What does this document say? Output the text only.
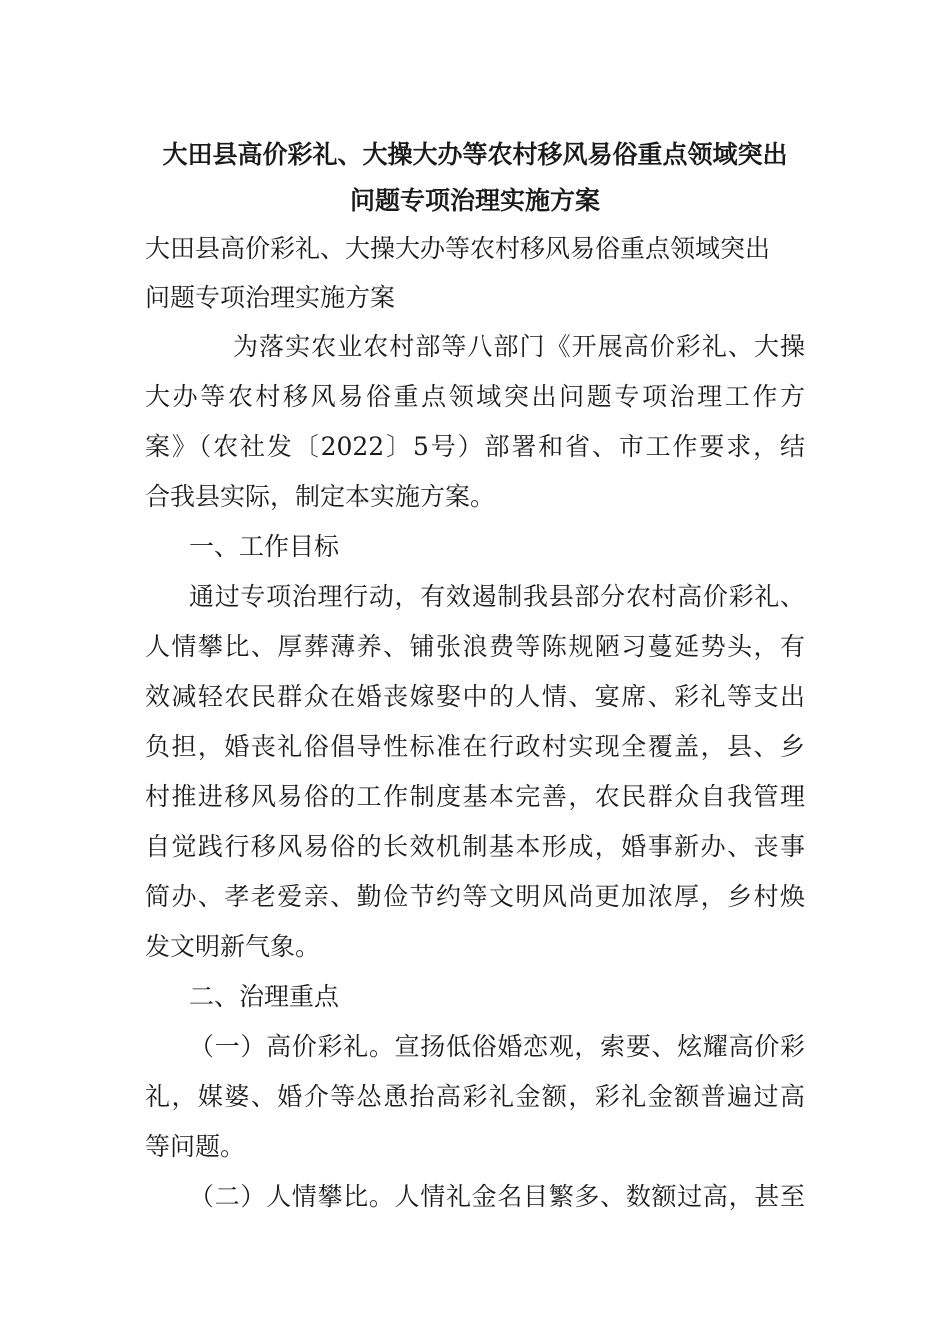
大田县高价彩礼、大操大办等农村移风易俗重点领域突出
问题专项治理实施方案

大田县高价彩礼、大操大办等农村移风易俗重点领域突出
问题专项治理实施方案

为落实农业农村部等八部门《开展高价彩礼、大操
大办等农村移风易俗重点领域突出问题专项治理工作方
案》（农社发〔2022〕5号）部署和省、市工作要求，结
合我县实际，制定本实施方案。

一、工作目标

通过专项治理行动，有效遏制我县部分农村高价彩礼、
人情攀比、厚葬薄养、铺张浪费等陈规陋习蔓延势头，有
效减轻农民群众在婚丧嫁娶中的人情、宴席、彩礼等支出
负担，婚丧礼俗倡导性标准在行政村实现全覆盖，县、乡
村推进移风易俗的工作制度基本完善，农民群众自我管理
自觉践行移风易俗的长效机制基本形成，婚事新办、丧事
简办、孝老爱亲、勤俭节约等文明风尚更加浓厚，乡村焕
发文明新气象。

二、治理重点

（一）高价彩礼。宣扬低俗婚恋观，索要、炫耀高价彩
礼，媒婆、婚介等怂恿抬高彩礼金额，彩礼金额普遍过高
等问题。

（二）人情攀比。人情礼金名目繁多、数额过高，甚至
